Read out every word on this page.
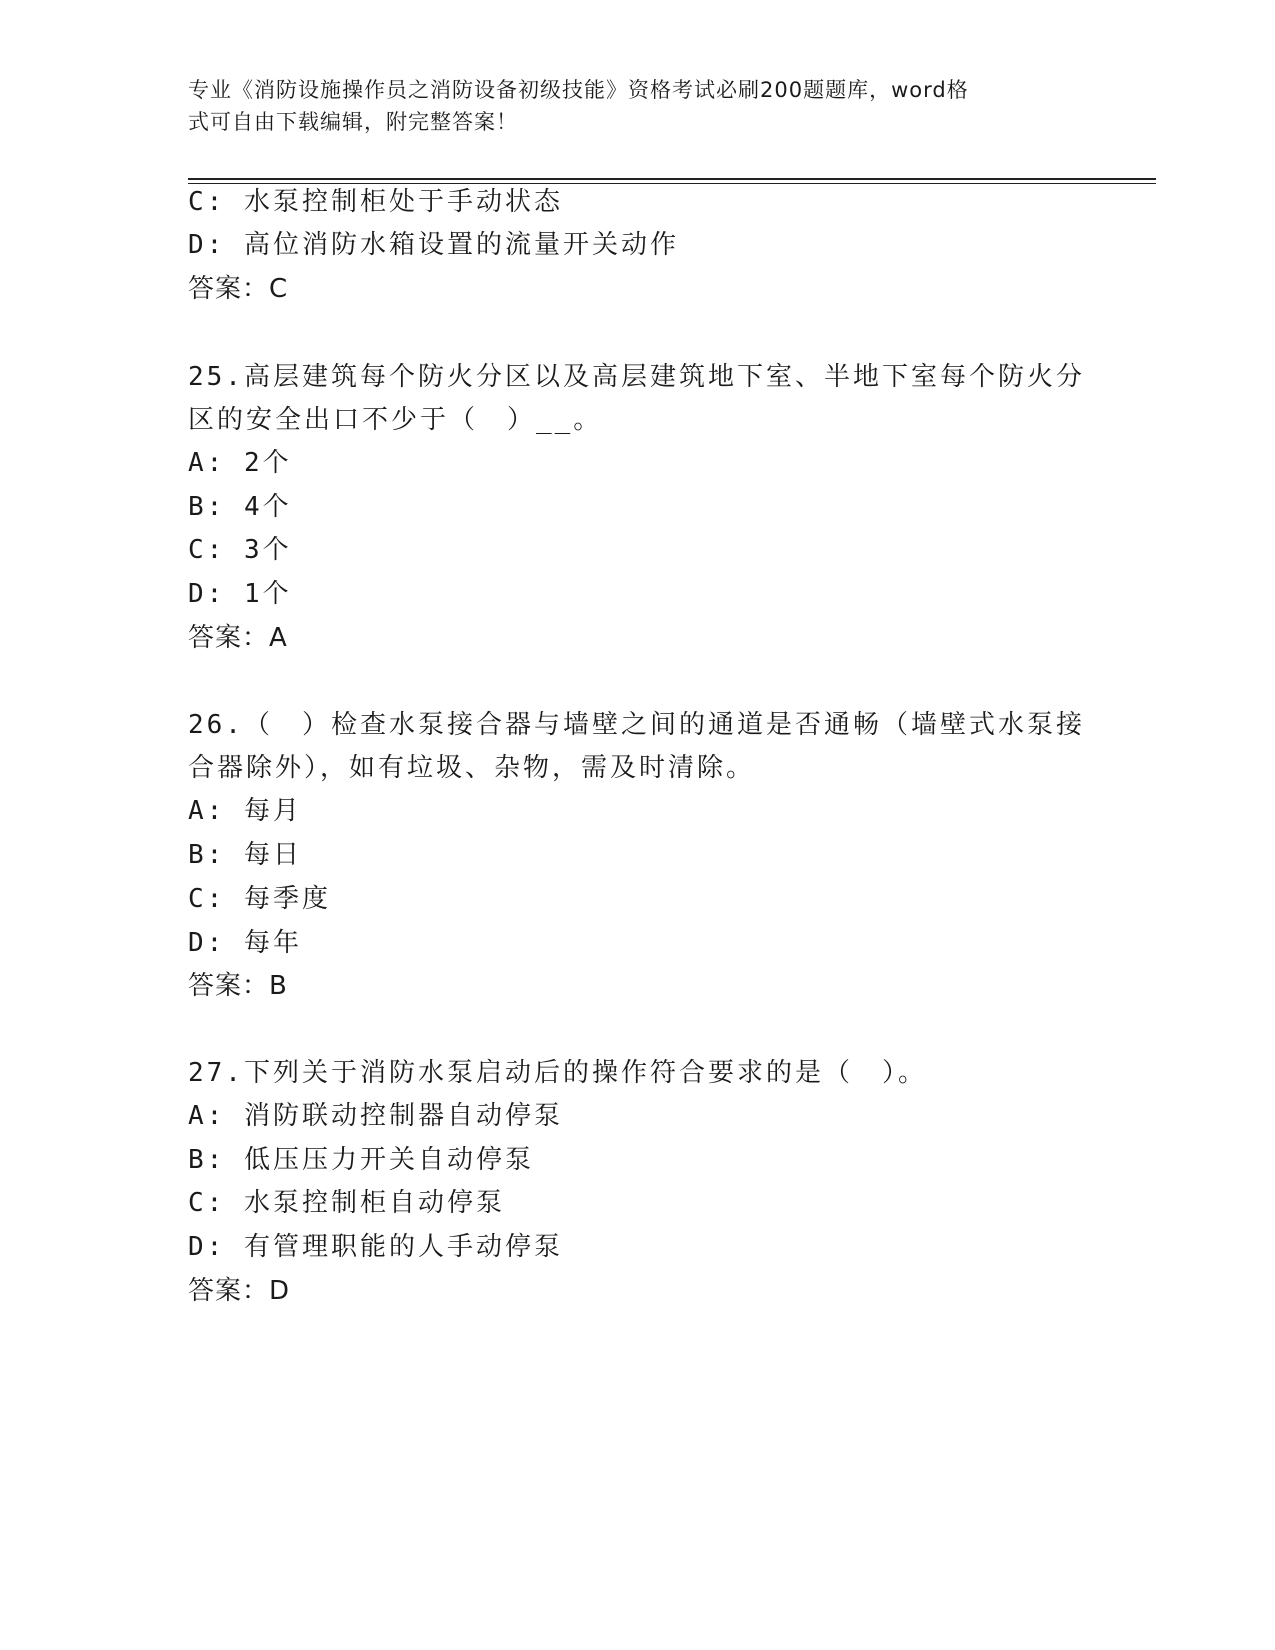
专业《消防设施操作员之消防设备初级技能》资格考试必刷200题题库，word格
式可自由下载编辑，附完整答案！
C: 水泵控制柜处于手动状态
D: 高位消防水箱设置的流量开关动作
答案：C
25.高层建筑每个防火分区以及高层建筑地下室、半地下室每个防火分
区的安全出口不少于（　）__。
A: 2个
B: 4个
C: 3个
D: 1个
答案：A
26.（　）检查水泵接合器与墙壁之间的通道是否通畅（墙壁式水泵接
合器除外），如有垃圾、杂物，需及时清除。
A: 每月
B: 每日
C: 每季度
D: 每年
答案：B
27.下列关于消防水泵启动后的操作符合要求的是（　）。
A: 消防联动控制器自动停泵
B: 低压压力开关自动停泵
C: 水泵控制柜自动停泵
D: 有管理职能的人手动停泵
答案：D
